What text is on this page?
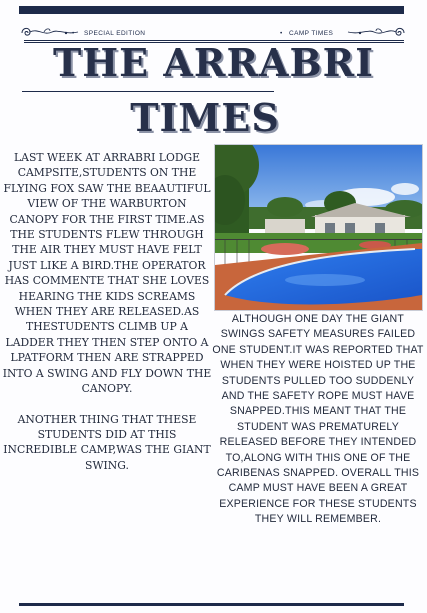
• SPECIAL EDITION	• CAMP TIMES
THE ARRABRI
TIMES

LAST WEEK AT ARRABRI LODGE CAMPSITE,STUDENTS ON THE FLYING FOX SAW THE BEAAUTIFUL VIEW OF THE WARBURTON CANOPY FOR THE FIRST TIME.AS THE STUDENTS FLEW THROUGH THE AIR THEY MUST HAVE FELT JUST LIKE A BIRD.THE OPERATOR HAS COMMENTE THAT SHE LOVES HEARING THE KIDS SCREAMS WHEN THEY ARE RELEASED.AS THESTUDENTS CLIMB UP A LADDER THEY THEN STEP ONTO A LPATFORM THEN ARE STRAPPED INTO A SWING AND FLY DOWN THE CANOPY.

ANOTHER THING THAT THESE STUDENTS DID AT THIS INCREDIBLE CAMP,WAS THE GIANT SWING.

ALTHOUGH ONE DAY THE GIANT SWINGS SAFETY MEASURES FAILED ONE STUDENT.IT WAS REPORTED THAT WHEN THEY WERE HOISTED UP THE STUDENTS PULLED TOO SUDDENLY AND THE SAFETY ROPE MUST HAVE SNAPPED.THIS MEANT THAT THE STUDENT WAS PREMATURELY RELEASED BEFORE THEY INTENDED TO,ALONG WITH THIS ONE OF THE CARIBENAS SNAPPED. OVERALL THIS CAMP MUST HAVE BEEN A GREAT EXPERIENCE FOR THESE STUDENTS THEY WILL REMEMBER.
